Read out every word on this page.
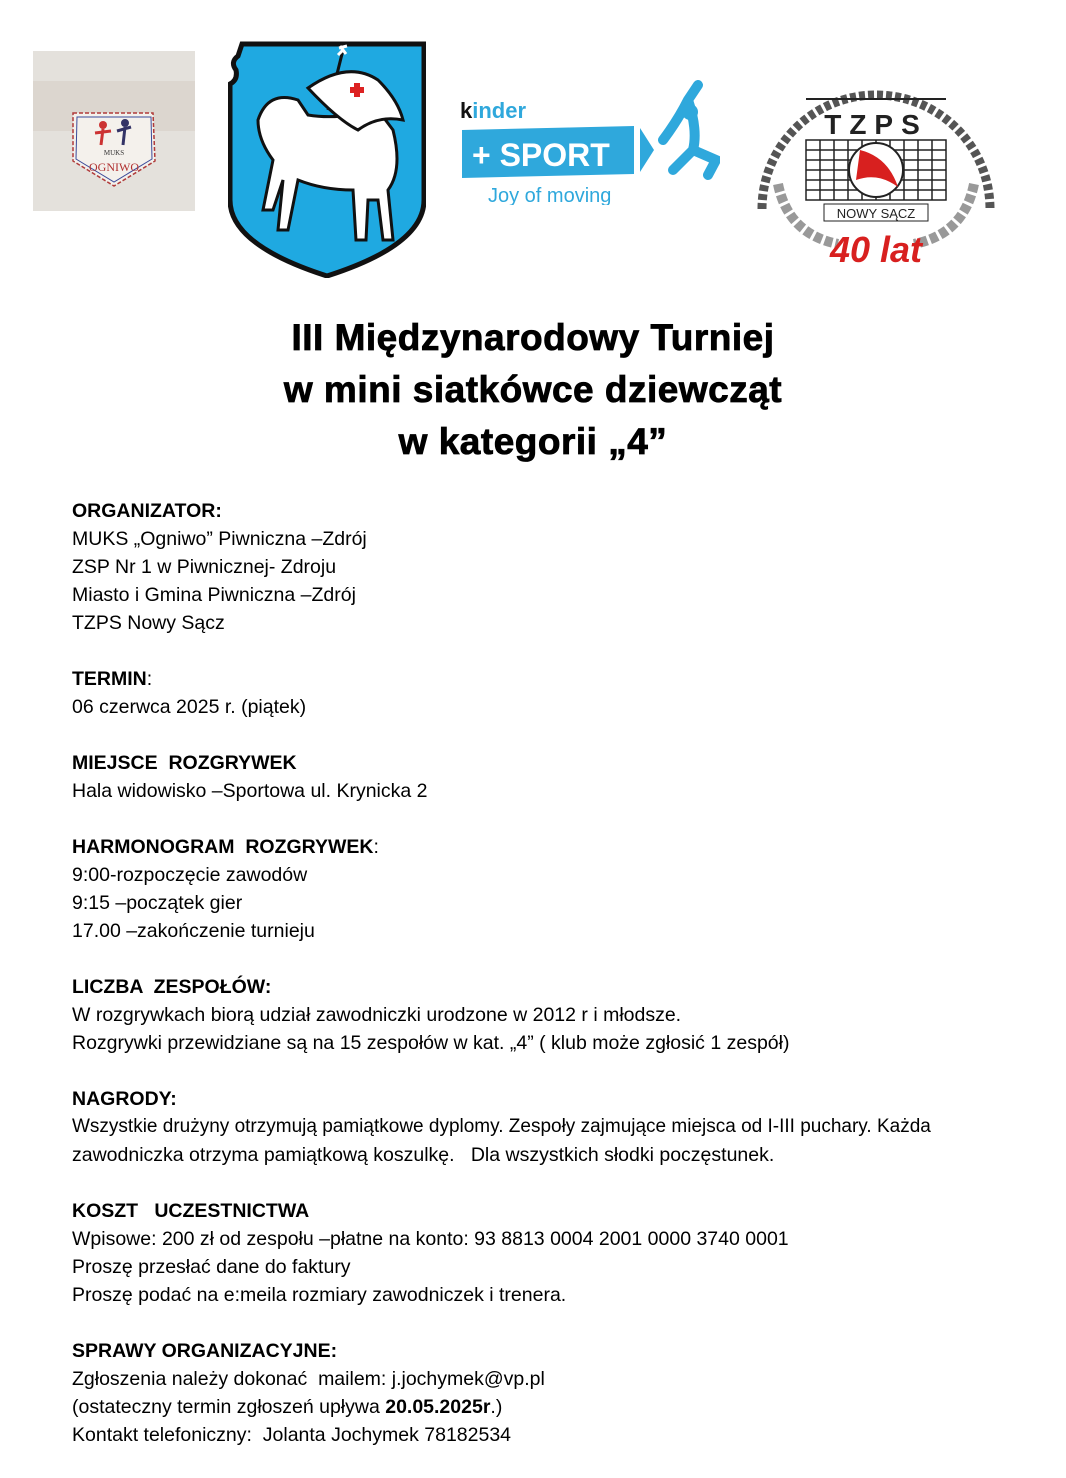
MUKS
OGNIWO
kinder
+ SPORT
Joy of moving
TZPS
NOWY SĄCZ
40 lat
III Międzynarodowy Turniej
w mini siatkówce dziewcząt
w kategorii „4”

ORGANIZATOR:

MUKS „Ogniwo” Piwniczna –Zdrój

ZSP Nr 1 w Piwnicznej- Zdroju

Miasto i Gmina Piwniczna –Zdrój

TZPS Nowy Sącz

TERMIN:

06 czerwca 2025 r. (piątek)

MIEJSCE  ROZGRYWEK

Hala widowisko –Sportowa ul. Krynicka 2

HARMONOGRAM  ROZGRYWEK:

9:00-rozpoczęcie zawodów

9:15 –początek gier

17.00 –zakończenie turnieju

LICZBA  ZESPOŁÓW:

W rozgrywkach biorą udział zawodniczki urodzone w 2012 r i młodsze.

Rozgrywki przewidziane są na 15 zespołów w kat. „4” ( klub może zgłosić 1 zespół)

NAGRODY:

Wszystkie drużyny otrzymują pamiątkowe dyplomy. Zespoły zajmujące miejsca od I-III puchary. Każda

zawodniczka otrzyma pamiątkową koszulkę.   Dla wszystkich słodki poczęstunek.

KOSZT   UCZESTNICTWA

Wpisowe: 200 zł od zespołu –płatne na konto: 93 8813 0004 2001 0000 3740 0001

Proszę przesłać dane do faktury

Proszę podać na e:meila rozmiary zawodniczek i trenera.

SPRAWY ORGANIZACYJNE:

Zgłoszenia należy dokonać  mailem: j.jochymek@vp.pl

(ostateczny termin zgłoszeń upływa 20.05.2025r.)

Kontakt telefoniczny:  Jolanta Jochymek 78182534
